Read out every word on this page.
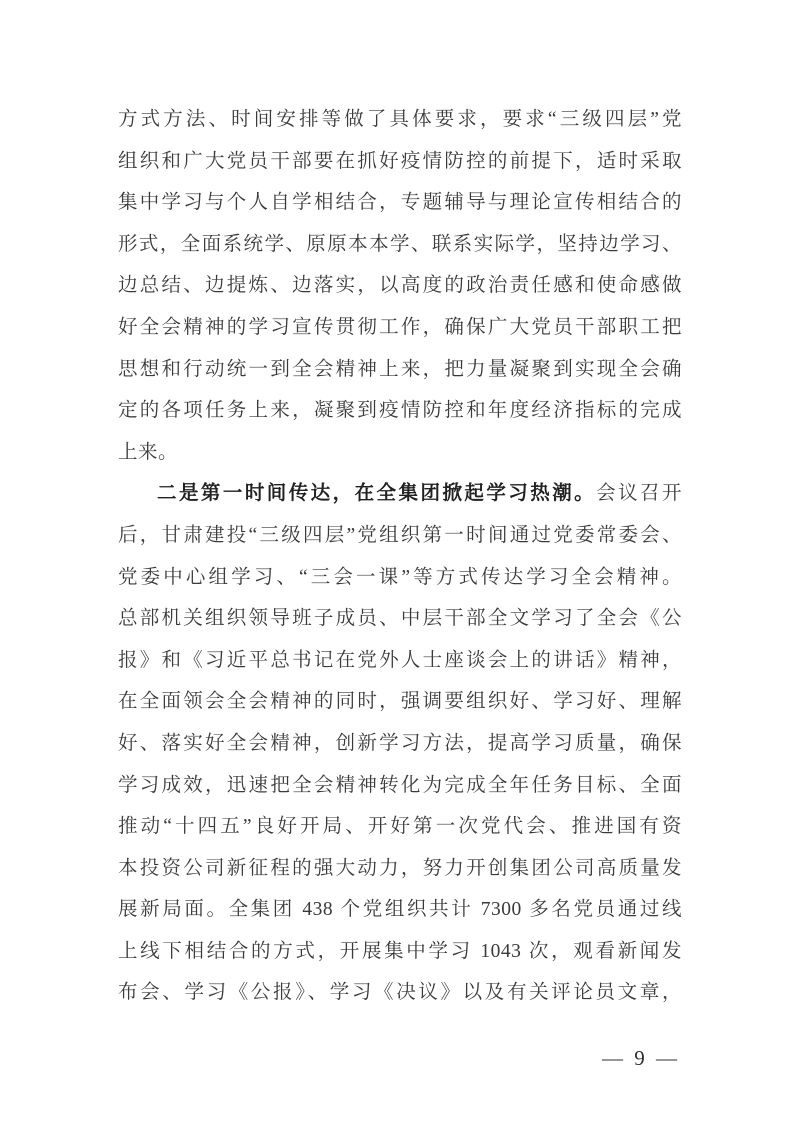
方式方法、时间安排等做了具体要求，要求“三级四层”党

组织和广大党员干部要在抓好疫情防控的前提下，适时采取

集中学习与个人自学相结合，专题辅导与理论宣传相结合的

形式，全面系统学、原原本本学、联系实际学，坚持边学习、

边总结、边提炼、边落实，以高度的政治责任感和使命感做

好全会精神的学习宣传贯彻工作，确保广大党员干部职工把

思想和行动统一到全会精神上来，把力量凝聚到实现全会确

定的各项任务上来，凝聚到疫情防控和年度经济指标的完成

上来。

二是第一时间传达，在全集团掀起学习热潮。会议召开

后，甘肃建投“三级四层”党组织第一时间通过党委常委会、

党委中心组学习、“三会一课”等方式传达学习全会精神。

总部机关组织领导班子成员、中层干部全文学习了全会《公

报》和《习近平总书记在党外人士座谈会上的讲话》精神，

在全面领会全会精神的同时，强调要组织好、学习好、理解

好、落实好全会精神，创新学习方法，提高学习质量，确保

学习成效，迅速把全会精神转化为完成全年任务目标、全面

推动“十四五”良好开局、开好第一次党代会、推进国有资

本投资公司新征程的强大动力，努力开创集团公司高质量发

展新局面。全集团 438 个党组织共计 7300 多名党员通过线

上线下相结合的方式，开展集中学习 1043 次，观看新闻发

布会、学习《公报》、学习《决议》以及有关评论员文章，

— 9 —
